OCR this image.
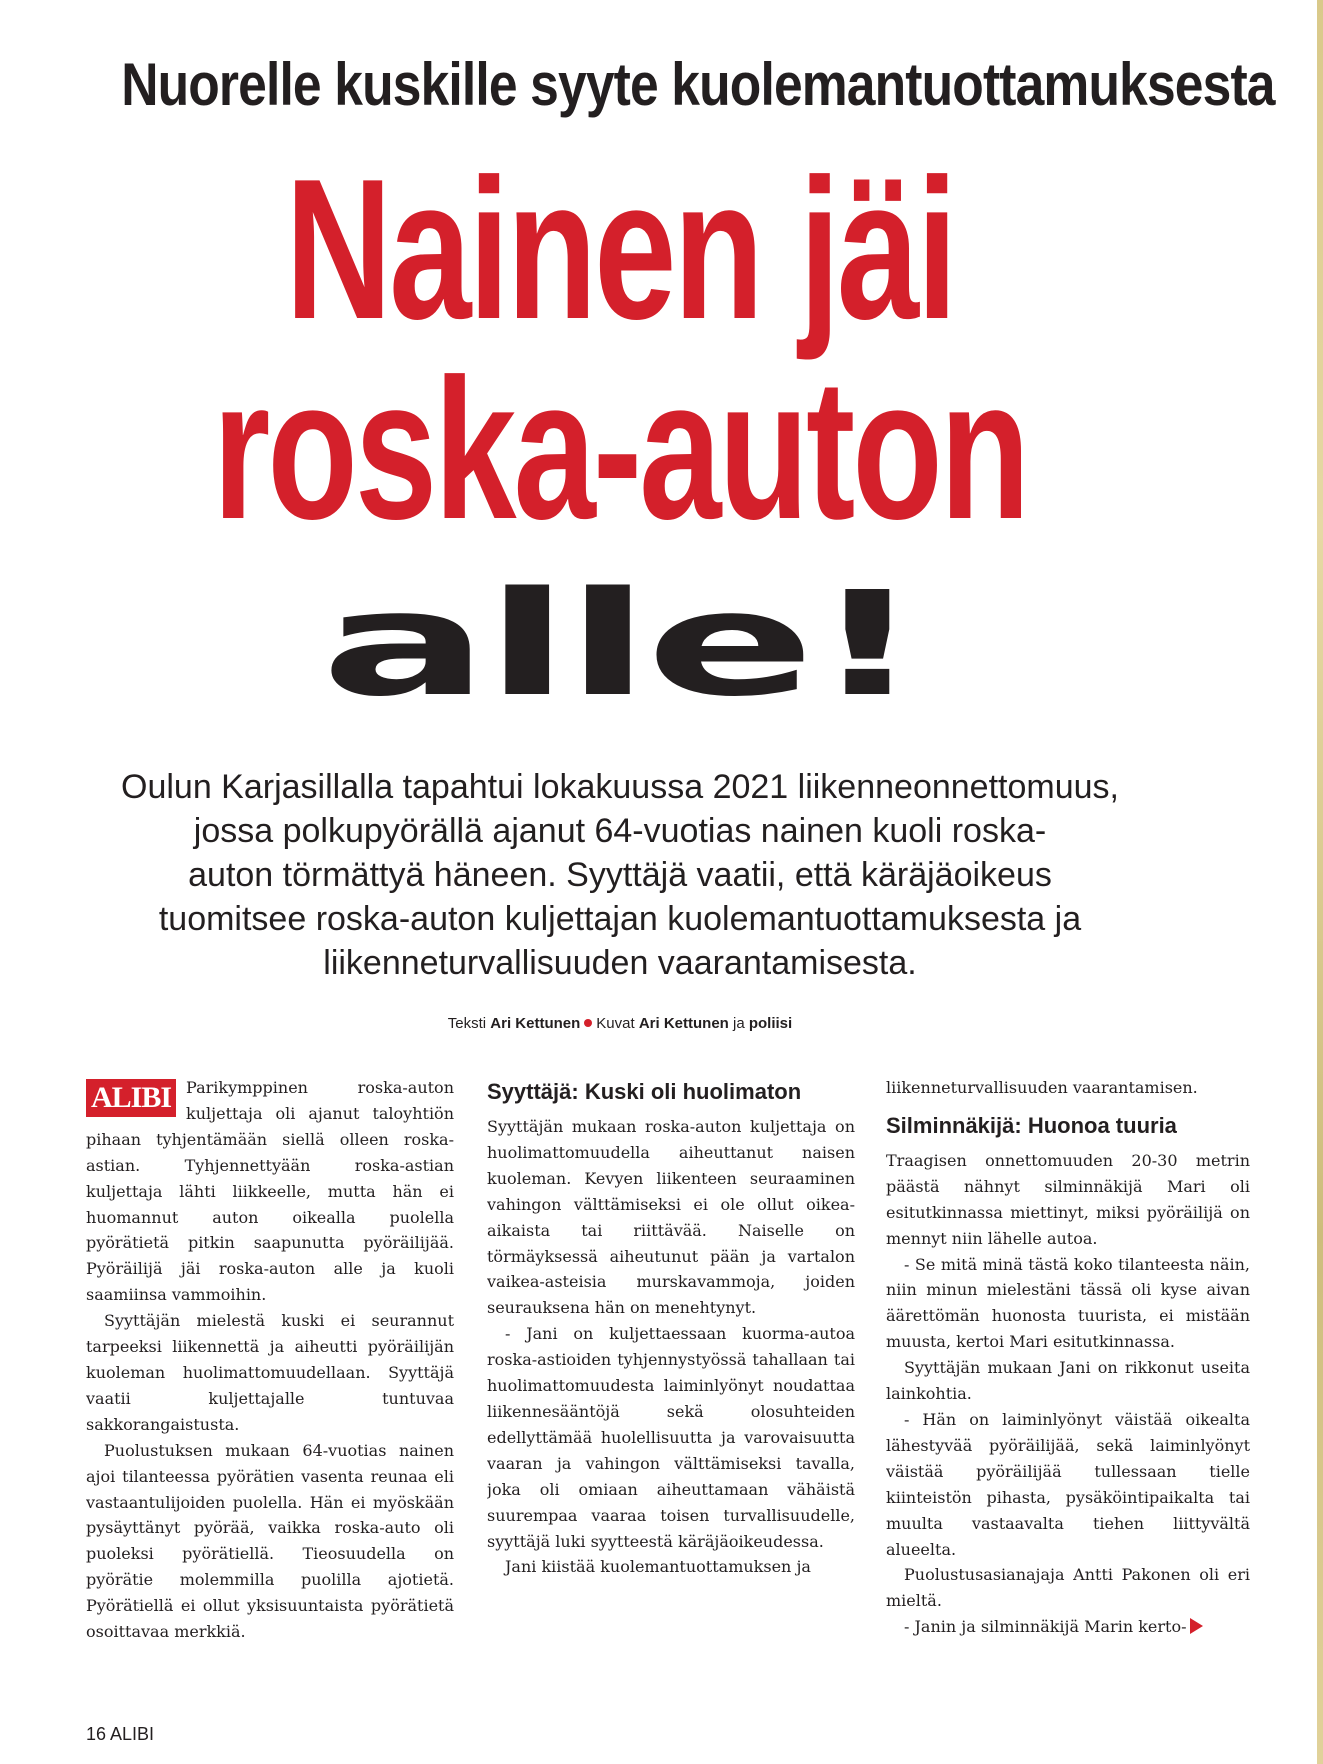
Nuorelle kuskille syyte kuolemantuottamuksesta
Nainen jäi
roska-auton
alle!
Oulun Karjasillalla tapahtui lokakuussa 2021 liikenneonnettomuus,
jossa polkupyörällä ajanut 64-vuotias nainen kuoli roska-
auton törmättyä häneen. Syyttäjä vaatii, että käräjäoikeus
tuomitsee roska-auton kuljettajan kuolemantuottamuksesta ja
liikenneturvallisuuden vaarantamisesta.
Teksti Ari Kettunen Kuvat Ari Kettunen ja poliisi

ALIBI Parikymppinen roska-auton kuljettaja oli ajanut taloyhtiön pihaan tyhjentämään siellä olleen roska-astian. Tyhjennettyään roska-astian kuljettaja lähti liikkeelle, mutta hän ei huomannut auton oikealla puolella pyörätietä pitkin saapunutta pyöräilijää. Pyöräilijä jäi roska-auton alle ja kuoli saamiinsa vammoihin.

Syyttäjän mielestä kuski ei seurannut tarpeeksi liikennettä ja aiheutti pyöräilijän kuoleman huolimattomuudellaan. Syyttäjä vaatii kuljettajalle tuntuvaa sakkorangaistusta.

Puolustuksen mukaan 64-vuotias nainen ajoi tilanteessa pyörätien vasenta reunaa eli vastaantulijoiden puolella. Hän ei myöskään pysäyttänyt pyörää, vaikka roska-auto oli puoleksi pyörätiellä. Tieosuudella on pyörätie molemmilla puolilla ajotietä. Pyörätiellä ei ollut yksisuuntaista pyörätietä osoittavaa merkkiä.

Syyttäjä: Kuski oli huolimaton

Syyttäjän mukaan roska-auton kuljettaja on huolimattomuudella aiheuttanut naisen kuoleman. Kevyen liikenteen seuraaminen vahingon välttämiseksi ei ole ollut oikea-aikaista tai riittävää. Naiselle on törmäyksessä aiheutunut pään ja vartalon vaikea-asteisia murskavammoja, joiden seurauksena hän on menehtynyt.

- Jani on kuljettaessaan kuorma-autoa roska-astioiden tyhjennystyössä tahallaan tai huolimattomuudesta laiminlyönyt noudattaa liikennesääntöjä sekä olosuhteiden edellyttämää huolellisuutta ja varovaisuutta vaaran ja vahingon välttämiseksi tavalla, joka oli omiaan aiheuttamaan vähäistä suurempaa vaaraa toisen turvallisuudelle, syyttäjä luki syytteestä käräjäoikeudessa.

Jani kiistää kuolemantuottamuksen ja

liikenneturvallisuuden vaarantamisen.

Silminnäkijä: Huonoa tuuria

Traagisen onnettomuuden 20-30 metrin päästä nähnyt silminnäkijä Mari oli esitutkinnassa miettinyt, miksi pyöräilijä on mennyt niin lähelle autoa.

- Se mitä minä tästä koko tilanteesta näin, niin minun mielestäni tässä oli kyse aivan äärettömän huonosta tuurista, ei mistään muusta, kertoi Mari esitutkinnassa.

Syyttäjän mukaan Jani on rikkonut useita lainkohtia.

- Hän on laiminlyönyt väistää oikealta lähestyvää pyöräilijää, sekä laiminlyönyt väistää pyöräilijää tullessaan tielle kiinteistön pihasta, pysäköintipaikalta tai muulta vastaavalta tiehen liittyvältä alueelta.

Puolustusasianajaja Antti Pakonen oli eri mieltä.

- Janin ja silminnäkijä Marin kerto-

16 ALIBI
